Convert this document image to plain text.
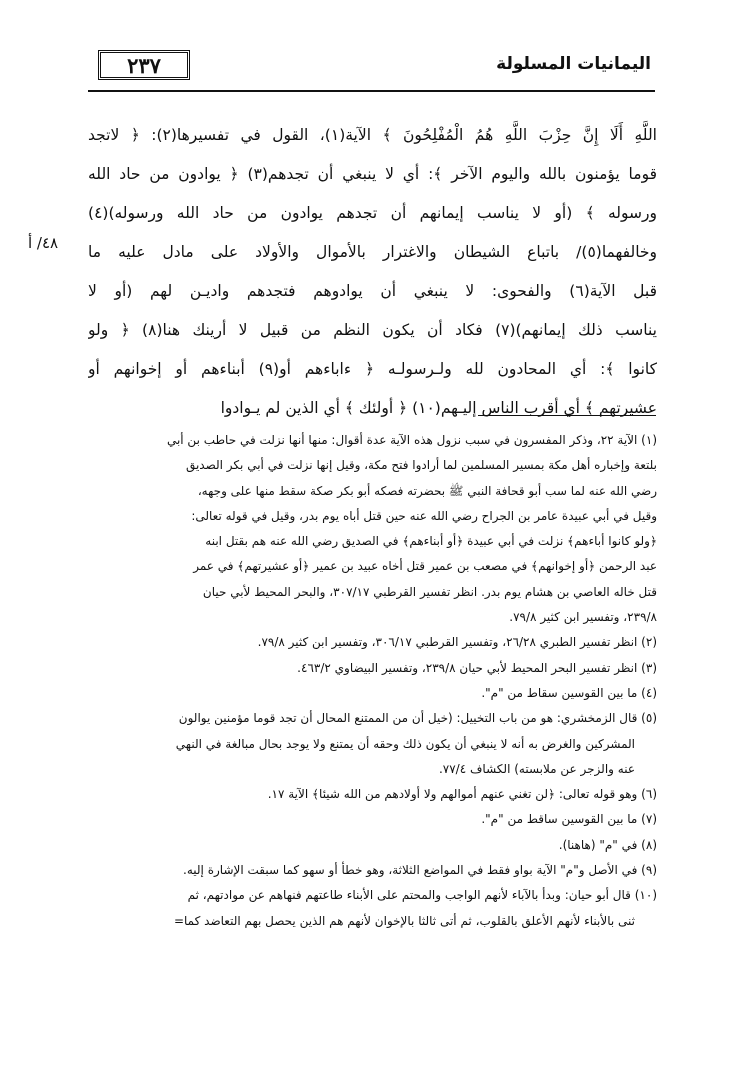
٢٣٧	اليمانيات المسلولة
٤٨/ أ
اللَّهِ أَلَا إِنَّ حِزْبَ اللَّهِ هُمُ الْمُفْلِحُونَ ﴾ الآية(١)، القول في تفسيرها(٢): ﴿ لاتجد
قوما يؤمنون بالله واليوم الآخر ﴾: أي لا ينبغي أن تجدهم(٣) ﴿ يوادون من حاد الله
ورسوله ﴾ (أو لا يناسب إيمانهم أن تجدهم يوادون من حاد الله ورسوله)(٤)
وخالفهما(٥)/ باتباع الشيطان والاغترار بالأموال والأولاد على مادل عليه ما
قبل الآية(٦) والفحوى: لا ينبغي أن يوادوهم فتجدهم واديـن لهم (أو لا
يناسب ذلك إيمانهم)(٧) فكاد أن يكون النظم من قبيل لا أرينك هنا(٨) ﴿ ولو
كانوا ﴾: أي المحادون لله ولـرسولـه ﴿ ءاباءهم أو(٩) أبناءهم أو إخوانهم أو
عشيرتهم ﴾ أي أقرب الناس إليـهم(١٠) ﴿ أولئك ﴾ أي الذين لم يـوادوا
(١) الآية ٢٢، وذكر المفسرون في سبب نزول هذه الآية عدة أقوال: منها أنها نزلت في حاطب بن أبي
بلتعة وإخباره أهل مكة بمسير المسلمين لما أرادوا فتح مكة، وقيل إنها نزلت في أبي بكر الصديق
رضي الله عنه لما سب أبو قحافة النبي ﷺ بحضرته فصكه أبو بكر صكة سقط منها على وجهه،
وقيل في أبي عبيدة عامر بن الجراح رضي الله عنه حين قتل أباه يوم بدر، وقيل في قوله تعالى:
﴿ولو كانوا أباءهم﴾ نزلت في أبي عبيدة ﴿أو أبناءهم﴾ في الصديق رضي الله عنه هم بقتل ابنه
عبد الرحمن ﴿أو إخوانهم﴾ في مصعب بن عمير قتل أخاه عبيد بن عمير ﴿أو عشيرتهم﴾ في عمر
قتل خاله العاصي بن هشام يوم بدر. انظر تفسير القرطبي ٣٠٧/١٧، والبحر المحيط لأبي حيان
٢٣٩/٨، وتفسير ابن كثير ٧٩/٨.
(٢) انظر تفسير الطبري ٢٦/٢٨، وتفسير القرطبي ٣٠٦/١٧، وتفسير ابن كثير ٧٩/٨.
(٣) انظر تفسير البحر المحيط لأبي حيان ٢٣٩/٨، وتفسير البيضاوي ٤٦٣/٢.
(٤) ما بين القوسين سقاط من "م".
(٥) قال الزمخشري: هو من باب التخييل: (خيل أن من الممتنع المحال أن تجد قوما مؤمنين يوالون
المشركين والغرض به أنه لا ينبغي أن يكون ذلك وحقه أن يمتنع ولا يوجد بحال مبالغة في النهي
عنه والزجر عن ملابسته) الكشاف ٧٧/٤.
(٦) وهو قوله تعالى: ﴿لن تغني عنهم أموالهم ولا أولادهم من الله شيئا﴾ الآية ١٧.
(٧) ما بين القوسين ساقط من "م".
(٨) في "م" (هاهنا).
(٩) في الأصل و"م" الآية بواو فقط في المواضع الثلاثة، وهو خطأ أو سهو كما سبقت الإشارة إليه.
(١٠) قال أبو حيان: وبدأ بالآباء لأنهم الواجب والمحتم على الأبناء طاعتهم فنهاهم عن موادتهم، ثم
ثنى بالأبناء لأنهم الأعلق بالقلوب، ثم أتى ثالثا بالإخوان لأنهم هم الذين يحصل بهم التعاضد كما=
